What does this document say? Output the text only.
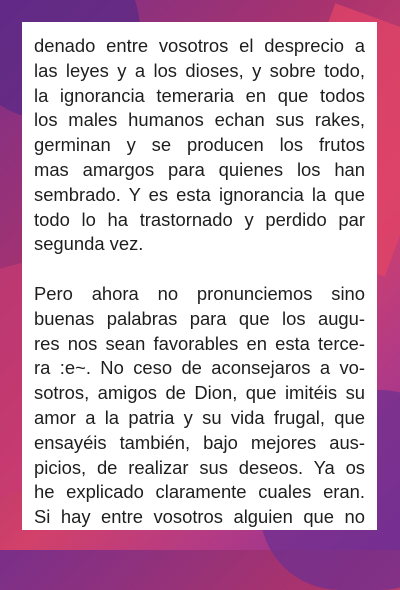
denado entre vosotros el desprecio a
las leyes y a los dioses, y sobre todo,
la ignorancia temeraria en que todos
los males humanos echan sus rakes,
germinan y se producen los frutos
mas amargos para quienes los han
sembrado. Y es esta ignorancia la que
todo lo ha trastornado y perdido par
segunda vez.

Pero ahora no pronunciemos sino
buenas palabras para que los augu-
res nos sean favorables en esta terce-
ra :e~. No ceso de aconsejaros a vo-
sotros, amigos de Dion, que imitéis su
amor a la patria y su vida frugal, que
ensayéis también, bajo mejores aus-
picios, de realizar sus deseos. Ya os
he explicado claramente cuales eran.
Si hay entre vosotros alguien que no
